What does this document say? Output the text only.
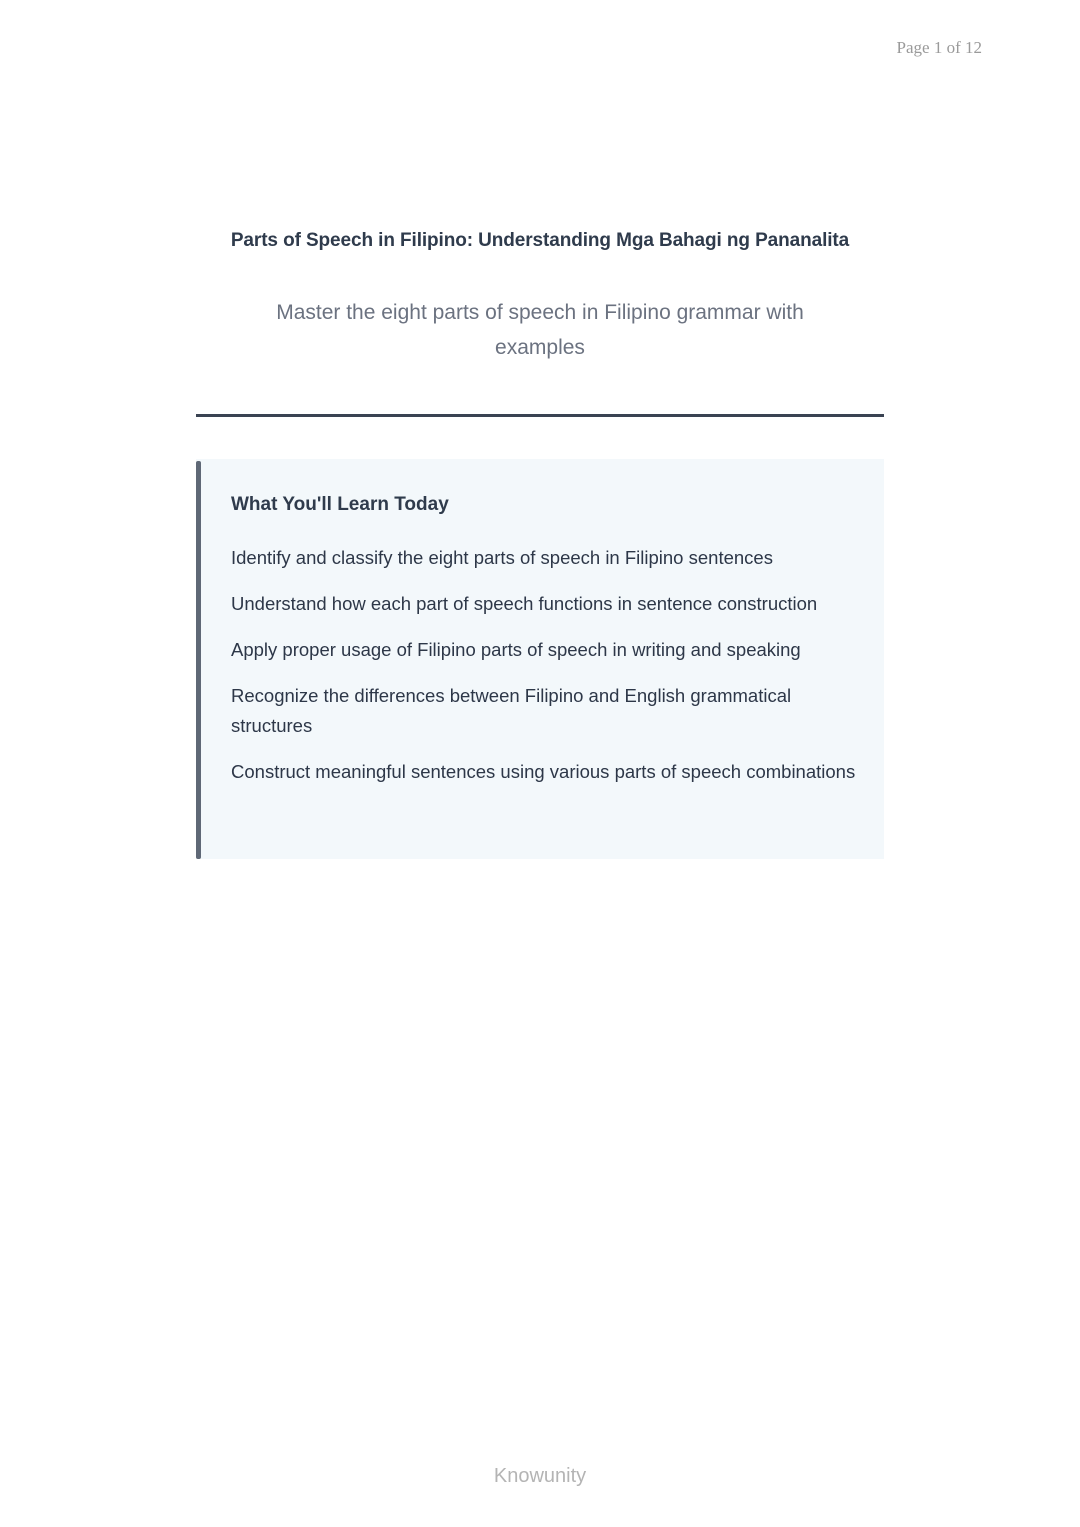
Page 1 of 12
Parts of Speech in Filipino: Understanding Mga Bahagi ng Pananalita
Master the eight parts of speech in Filipino grammar with examples
What You'll Learn Today
Identify and classify the eight parts of speech in Filipino sentences
Understand how each part of speech functions in sentence construction
Apply proper usage of Filipino parts of speech in writing and speaking
Recognize the differences between Filipino and English grammatical structures
Construct meaningful sentences using various parts of speech combinations
Knowunity
